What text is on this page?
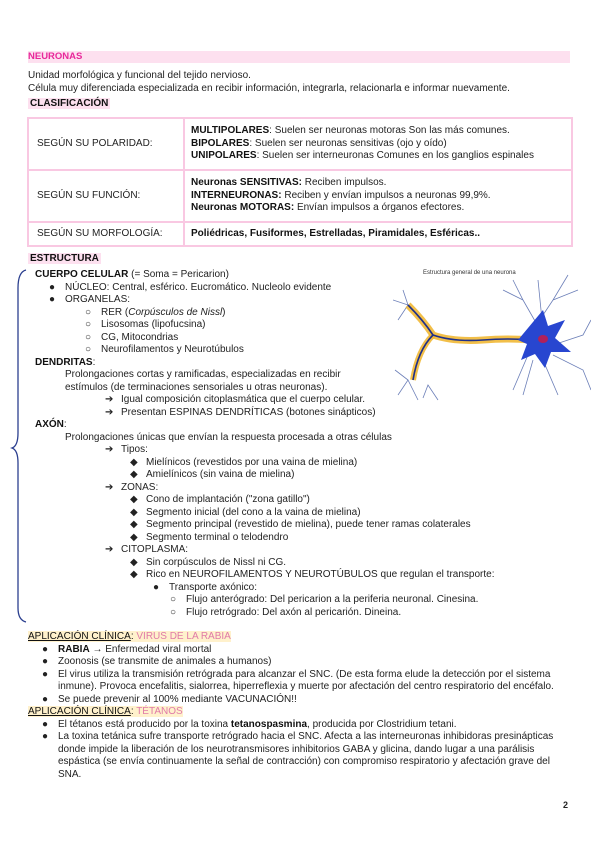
NEURONAS
Unidad morfológica y funcional del tejido nervioso.
Célula muy diferenciada especializada en recibir información, integrarla, relacionarla e informar nuevamente.
CLASIFICACIÓN
SEGÚN SU POLARIDAD:	MULTIPOLARES: Suelen ser neuronas motoras Son las más comunes.
BIPOLARES: Suelen ser neuronas sensitivas (ojo y oído)
UNIPOLARES: Suelen ser interneuronas Comunes en los ganglios espinales

SEGÚN SU FUNCIÓN:	Neuronas SENSITIVAS: Reciben impulsos.
INTERNEURONAS: Reciben y envían impulsos a neuronas 99,9%.
Neuronas MOTORAS: Envían impulsos a órganos efectores.

SEGÚN SU MORFOLOGÍA:	Poliédricas, Fusiformes, Estrelladas, Piramidales, Esféricas..
ESTRUCTURA
Estructura general de una neurona
CUERPO CELULAR (= Soma = Pericarion)
● NÚCLEO: Central, esférico. Eucromático. Nucleolo evidente
● ORGANELAS:
○ RER (Corpúsculos de Nissl)
○ Lisosomas (lipofucsina)
○ CG, Mitocondrias
○ Neurofilamentos y Neurotúbulos
DENDRITAS:
Prolongaciones cortas y ramificadas, especializadas en recibir
estímulos (de terminaciones sensoriales u otras neuronas).
➔ Igual composición citoplasmática que el cuerpo celular.
➔ Presentan ESPINAS DENDRÍTICAS (botones sinápticos)
AXÓN:
Prolongaciones únicas que envían la respuesta procesada a otras células
➔ Tipos:
◆ Mielínicos (revestidos por una vaina de mielina)
◆ Amielínicos (sin vaina de mielina)
➔ ZONAS:
◆ Cono de implantación ("zona gatillo")
◆ Segmento inicial (del cono a la vaina de mielina)
◆ Segmento principal (revestido de mielina), puede tener ramas colaterales
◆ Segmento terminal o telodendro
➔ CITOPLASMA:
◆ Sin corpúsculos de Nissl ni CG.
◆ Rico en NEUROFILAMENTOS Y NEUROTÚBULOS que regulan el transporte:
● Transporte axónico:
○ Flujo anterógrado: Del pericarion a la periferia neuronal. Cinesina.
○ Flujo retrógrado: Del axón al pericarión. Dineina.
APLICACIÓN CLÍNICA: VIRUS DE LA RABIA
● RABIA → Enfermedad viral mortal
● Zoonosis (se transmite de animales a humanos)
● El virus utiliza la transmisión retrógrada para alcanzar el SNC. (De esta forma elude la detección por el sistema inmune). Provoca encefalitis, sialorrea, hiperreflexia y muerte por afectación del centro respiratorio del encéfalo.
● Se puede prevenir al 100% mediante VACUNACIÓN!!
APLICACIÓN CLÍNICA: TÉTANOS
● El tétanos está producido por la toxina tetanospasmina, producida por Clostridium tetani.
● La toxina tetánica sufre transporte retrógrado hacia el SNC. Afecta a las interneuronas inhibidoras presinápticas donde impide la liberación de los neurotransmisores inhibitorios GABA y glicina, dando lugar a una parálisis espástica (se envía continuamente la señal de contracción) con compromiso respiratorio y afectación grave del SNA.
2
